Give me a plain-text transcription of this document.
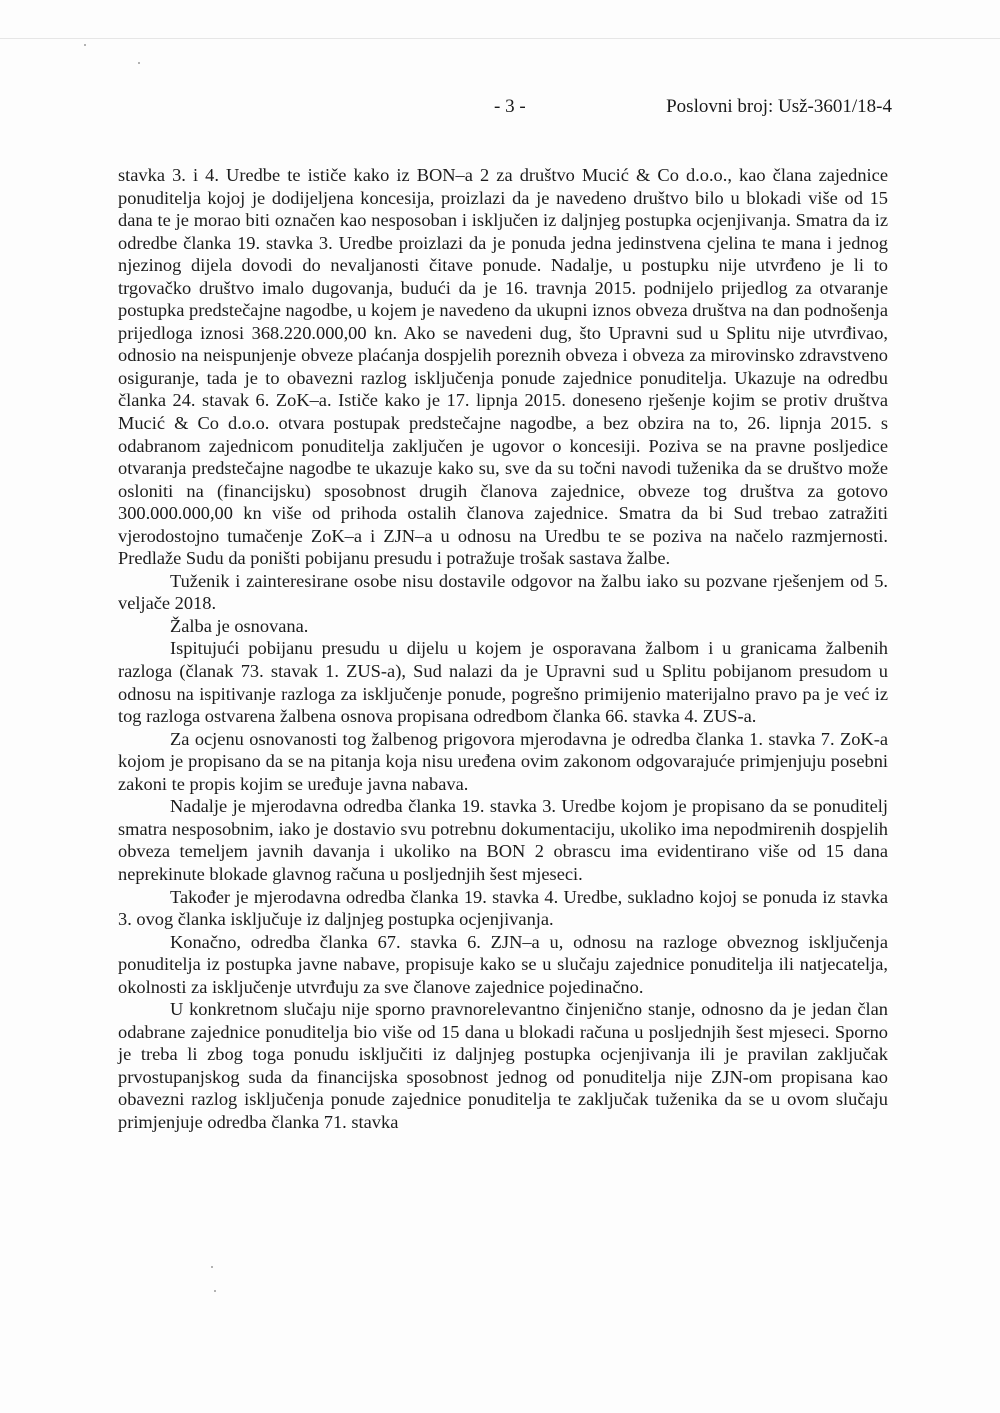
- 3 -	Poslovni broj: Usž-3601/18-4

stavka 3. i 4. Uredbe te ističe kako iz BON–a 2 za društvo Mucić & Co d.o.o., kao člana zajednice ponuditelja kojoj je dodijeljena koncesija, proizlazi da je navedeno društvo bilo u blokadi više od 15 dana te je morao biti označen kao nesposoban i isključen iz daljnjeg postupka ocjenjivanja. Smatra da iz odredbe članka 19. stavka 3. Uredbe proizlazi da je ponuda jedna jedinstvena cjelina te mana i jednog njezinog dijela dovodi do nevaljanosti čitave ponude. Nadalje, u postupku nije utvrđeno je li to trgovačko društvo imalo dugovanja, budući da je 16. travnja 2015. podnijelo prijedlog za otvaranje postupka predstečajne nagodbe, u kojem je navedeno da ukupni iznos obveza društva na dan podnošenja prijedloga iznosi 368.220.000,00 kn. Ako se navedeni dug, što Upravni sud u Splitu nije utvrđivao, odnosio na neispunjenje obveze plaćanja dospjelih poreznih obveza i obveza za mirovinsko zdravstveno osiguranje, tada je to obavezni razlog isključenja ponude zajednice ponuditelja. Ukazuje na odredbu članka 24. stavak 6. ZoK–a. Ističe kako je 17. lipnja 2015. doneseno rješenje kojim se protiv društva Mucić & Co d.o.o. otvara postupak predstečajne nagodbe, a bez obzira na to, 26. lipnja 2015. s odabranom zajednicom ponuditelja zaključen je ugovor o koncesiji. Poziva se na pravne posljedice otvaranja predstečajne nagodbe te ukazuje kako su, sve da su točni navodi tuženika da se društvo može osloniti na (financijsku) sposobnost drugih članova zajednice, obveze tog društva za gotovo 300.000.000,00 kn više od prihoda ostalih članova zajednice. Smatra da bi Sud trebao zatražiti vjerodostojno tumačenje ZoK–a i ZJN–a u odnosu na Uredbu te se poziva na načelo razmjernosti. Predlaže Sudu da poništi pobijanu presudu i potražuje trošak sastava žalbe.

Tuženik i zainteresirane osobe nisu dostavile odgovor na žalbu iako su pozvane rješenjem od 5. veljače 2018.

Žalba je osnovana.

Ispitujući pobijanu presudu u dijelu u kojem je osporavana žalbom i u granicama žalbenih razloga (članak 73. stavak 1. ZUS-a), Sud nalazi da je Upravni sud u Splitu pobijanom presudom u odnosu na ispitivanje razloga za isključenje ponude, pogrešno primijenio materijalno pravo pa je već iz tog razloga ostvarena žalbena osnova propisana odredbom članka 66. stavka 4. ZUS-a.

Za ocjenu osnovanosti tog žalbenog prigovora mjerodavna je odredba članka 1. stavka 7. ZoK-a kojom je propisano da se na pitanja koja nisu uređena ovim zakonom odgovarajuće primjenjuju posebni zakoni te propis kojim se uređuje javna nabava.

Nadalje je mjerodavna odredba članka 19. stavka 3. Uredbe kojom je propisano da se ponuditelj smatra nesposobnim, iako je dostavio svu potrebnu dokumentaciju, ukoliko ima nepodmirenih dospjelih obveza temeljem javnih davanja i ukoliko na BON 2 obrascu ima evidentirano više od 15 dana neprekinute blokade glavnog računa u posljednjih šest mjeseci.

Također je mjerodavna odredba članka 19. stavka 4. Uredbe, sukladno kojoj se ponuda iz stavka 3. ovog članka isključuje iz daljnjeg postupka ocjenjivanja.

Konačno, odredba članka 67. stavka 6. ZJN–a u, odnosu na razloge obveznog isključenja ponuditelja iz postupka javne nabave, propisuje kako se u slučaju zajednice ponuditelja ili natjecatelja, okolnosti za isključenje utvrđuju za sve članove zajednice pojedinačno.

U konkretnom slučaju nije sporno pravnorelevantno činjenično stanje, odnosno da je jedan član odabrane zajednice ponuditelja bio više od 15 dana u blokadi računa u posljednjih šest mjeseci. Sporno je treba li zbog toga ponudu isključiti iz daljnjeg postupka ocjenjivanja ili je pravilan zaključak prvostupanjskog suda da financijska sposobnost jednog od ponuditelja nije ZJN-om propisana kao obavezni razlog isključenja ponude zajednice ponuditelja te zaključak tuženika da se u ovom slučaju primjenjuje odredba članka 71. stavka
